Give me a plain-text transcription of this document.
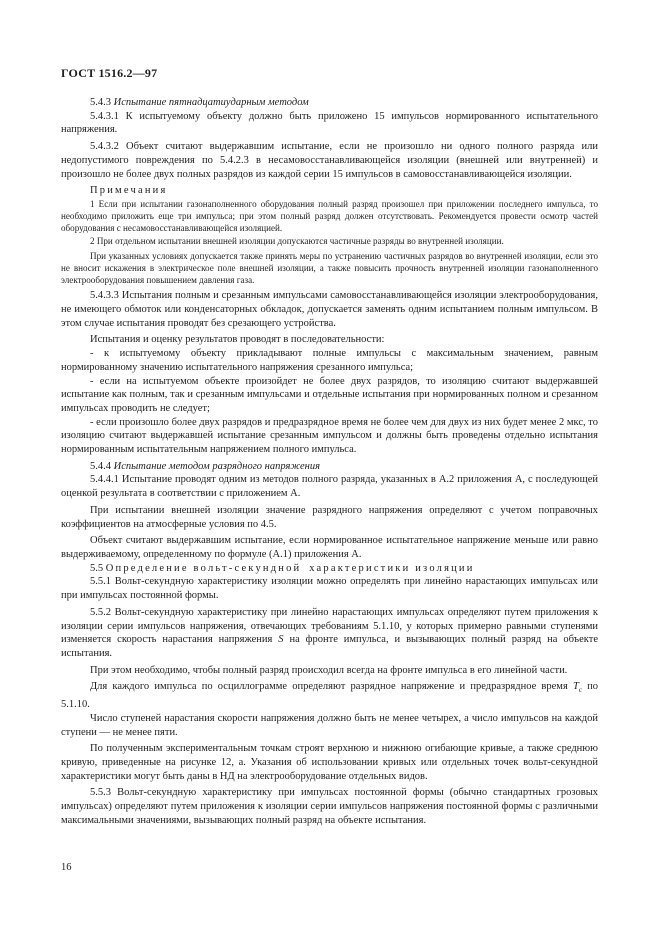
ГОСТ 1516.2—97

5.4.3 Испытание пятнадцатиударным методом

5.4.3.1 К испытуемому объекту должно быть приложено 15 импульсов нормированного испытательного напряжения.

5.4.3.2 Объект считают выдержавшим испытание, если не произошло ни одного полного разряда или недопустимого повреждения по 5.4.2.3 в несамовосстанавливающейся изоляции (внешней или внутренней) и произошло не более двух полных разрядов из каждой серии 15 импульсов в самовосстанавливающейся изоляции.

Примечания

1 Если при испытании газонаполненного оборудования полный разряд произошел при приложении последнего импульса, то необходимо приложить еще три импульса; при этом полный разряд должен отсутствовать. Рекомендуется провести осмотр частей оборудования с несамовосстанавливающейся изоляцией.

2 При отдельном испытании внешней изоляции допускаются частичные разряды во внутренней изоляции.

При указанных условиях допускается также принять меры по устранению частичных разрядов во внутренней изоляции, если это не вносит искажения в электрическое поле внешней изоляции, а также повысить прочность внутренней изоляции газонаполненного электрооборудования повышением давления газа.

5.4.3.3 Испытания полным и срезанным импульсами самовосстанавливающейся изоляции электрооборудования, не имеющего обмоток или конденсаторных обкладок, допускается заменять одним испытанием полным импульсом. В этом случае испытания проводят без срезающего устройства.

Испытания и оценку результатов проводят в последовательности:

- к испытуемому объекту прикладывают полные импульсы с максимальным значением, равным нормированному значению испытательного напряжения срезанного импульса;

- если на испытуемом объекте произойдет не более двух разрядов, то изоляцию считают выдержавшей испытание как полным, так и срезанным импульсами и отдельные испытания при нормированных полном и срезанном импульсах проводить не следует;

- если произошло более двух разрядов и предразрядное время не более чем для двух из них будет менее 2 мкс, то изоляцию считают выдержавшей испытание срезанным импульсом и должны быть проведены отдельно испытания нормированным испытательным напряжением полного импульса.

5.4.4 Испытание методом разрядного напряжения

5.4.4.1 Испытание проводят одним из методов полного разряда, указанных в А.2 приложения А, с последующей оценкой результата в соответствии с приложением А.

При испытании внешней изоляции значение разрядного напряжения определяют с учетом поправочных коэффициентов на атмосферные условия по 4.5.

Объект считают выдержавшим испытание, если нормированное испытательное напряжение меньше или равно выдерживаемому, определенному по формуле (А.1) приложения А.

5.5 Определение вольт-секундной характеристики изоляции

5.5.1 Вольт-секундную характеристику изоляции можно определять при линейно нарастающих импульсах или при импульсах постоянной формы.

5.5.2 Вольт-секундную характеристику при линейно нарастающих импульсах определяют путем приложения к изоляции серии импульсов напряжения, отвечающих требованиям 5.1.10, у которых примерно равными ступенями изменяется скорость нарастания напряжения S на фронте импульса, и вызывающих полный разряд на объекте испытания.

При этом необходимо, чтобы полный разряд происходил всегда на фронте импульса в его линейной части.

Для каждого импульса по осциллограмме определяют разрядное напряжение и предразрядное время $T_c$ по 5.1.10.

Число ступеней нарастания скорости напряжения должно быть не менее четырех, а число импульсов на каждой ступени — не менее пяти.

По полученным экспериментальным точкам строят верхнюю и нижнюю огибающие кривые, а также среднюю кривую, приведенные на рисунке 12, а. Указания об использовании кривых или отдельных точек вольт-секундной характеристики могут быть даны в НД на электрооборудование отдельных видов.

5.5.3 Вольт-секундную характеристику при импульсах постоянной формы (обычно стандартных грозовых импульсах) определяют путем приложения к изоляции серии импульсов напряжения постоянной формы с различными максимальными значениями, вызывающих полный разряд на объекте испытания.

16
